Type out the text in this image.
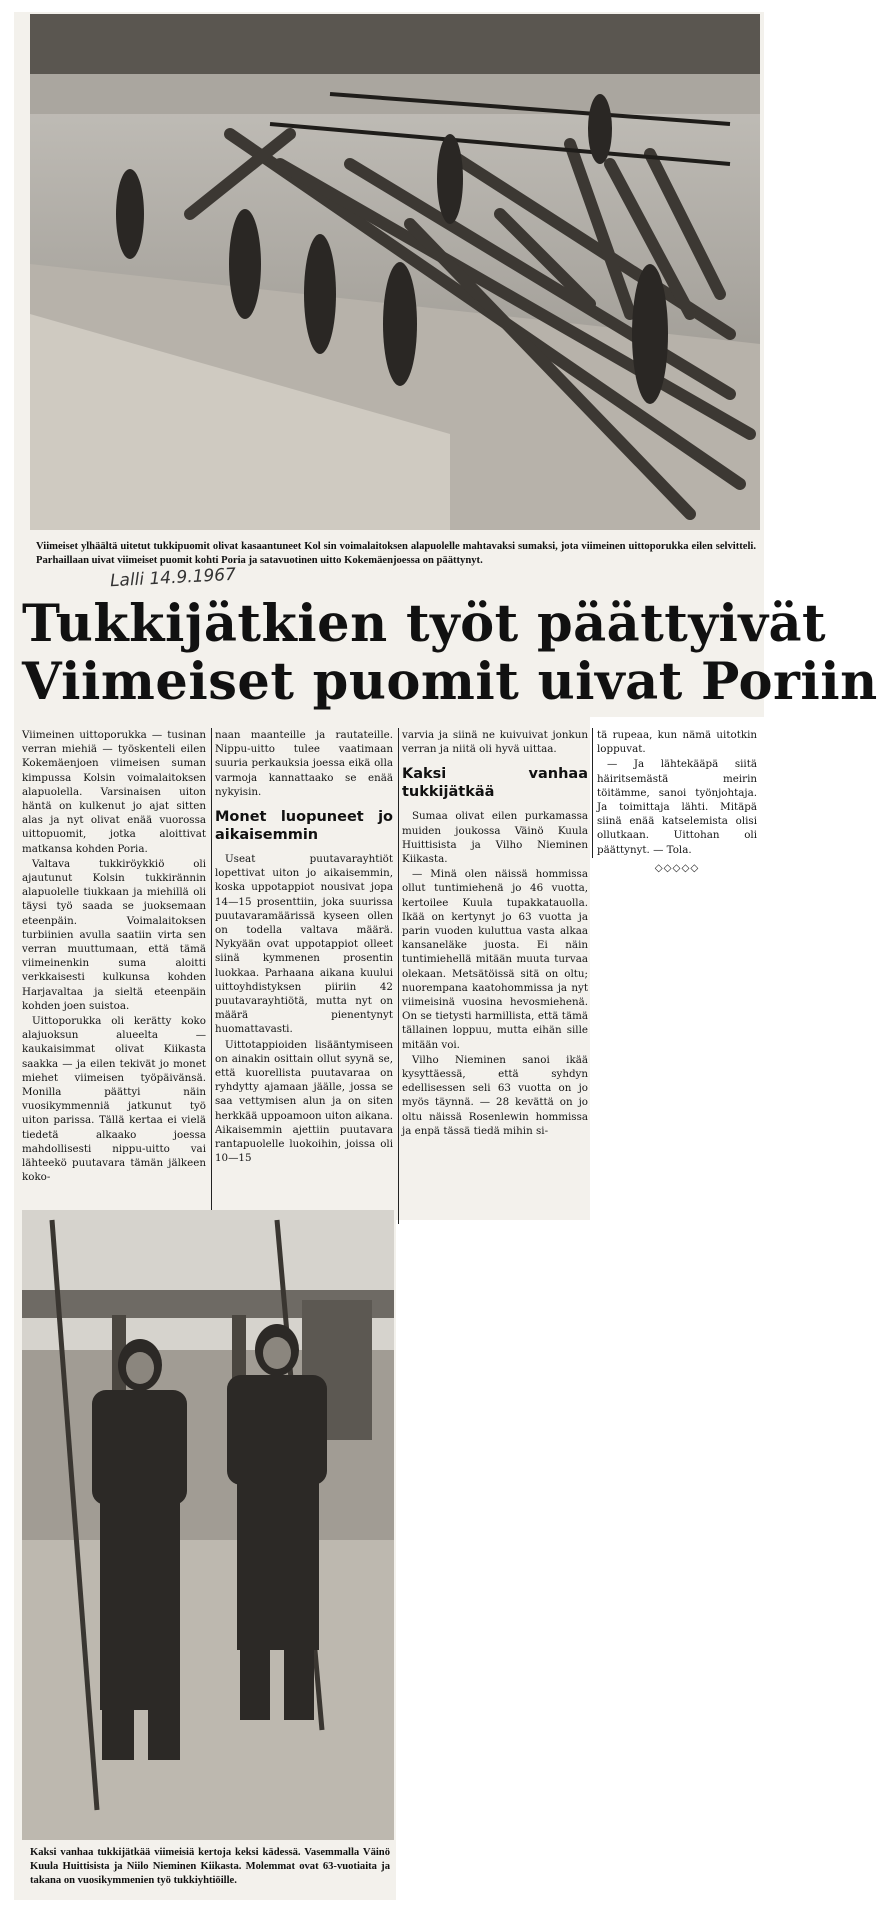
Viimeiset ylhäältä uitetut tukkipuomit olivat kasaantuneet Kol sin voimalaitoksen alapuolelle mahtavaksi sumaksi, jota viimeinen uittoporukka eilen selvitteli. Parhaillaan uivat viimeiset puomit kohti Poria ja satavuotinen uitto Kokemäenjoessa on päättynyt.
Lalli 14.9.1967
Tukkijätkien työt päättyivät
Viimeiset puomit uivat Poriin

Viimeinen uittoporukka — tusinan verran miehiä — työskenteli eilen Kokemäenjoen viimeisen suman kimpussa Kolsin voimalaitoksen alapuolella. Varsinaisen uiton häntä on kulkenut jo ajat sitten alas ja nyt olivat enää vuorossa uittopuomit, jotka aloittivat matkansa kohden Poria.

Valtava tukkiröykkiö oli ajautunut Kolsin tukkirännin alapuolelle tiukkaan ja miehillä oli täysi työ saada se juoksemaan eteenpäin. Voimalaitoksen turbiinien avulla saatiin virta sen verran muuttumaan, että tämä viimeinenkin suma aloitti verkkaisesti kulkunsa kohden Harjavaltaa ja sieltä eteenpäin kohden joen suistoa.

Uittoporukka oli kerätty koko alajuoksun alueelta — kaukaisimmat olivat Kiikasta saakka — ja eilen tekivät jo monet miehet viimeisen työpäivänsä. Monilla päättyi näin vuosikymmenniä jatkunut työ uiton parissa. Tällä kertaa ei vielä tiedetä alkaako joessa mahdollisesti nippu-uitto vai lähteekö puutavara tämän jälkeen koko-

naan maanteille ja rautateille. Nippu-uitto tulee vaatimaan suuria perkauksia joessa eikä olla varmoja kannattaako se enää nykyisin.

Monet luopuneet jo aikaisemmin

Useat puutavarayhtiöt lopettivat uiton jo aikaisemmin, koska uppotappiot nousivat jopa 14—15 prosenttiin, joka suurissa puutavaramäärissä kyseen ollen on todella valtava määrä. Nykyään ovat uppotappiot olleet siinä kymmenen prosentin luokkaa. Parhaana aikana kuului uittoyhdistyksen piiriin 42 puutavarayhtiötä, mutta nyt on määrä pienentynyt huomattavasti.

Uittotappioiden lisääntymiseen on ainakin osittain ollut syynä se, että kuorellista puutavaraa on ryhdytty ajamaan jäälle, jossa se saa vettymisen alun ja on siten herkkää uppoamoon uiton aikana. Aikaisemmin ajettiin puutavara rantapuolelle luokoihin, joissa oli 10—15

varvia ja siinä ne kuivuivat jonkun verran ja niitä oli hyvä uittaa.

Kaksi vanhaa tukkijätkää

Sumaa olivat eilen purkamassa muiden joukossa Väinö Kuula Huittisista ja Vilho Nieminen Kiikasta.

— Minä olen näissä hommissa ollut tuntimiehenä jo 46 vuotta, kertoilee Kuula tupakkatauolla. Ikää on kertynyt jo 63 vuotta ja parin vuoden kuluttua vasta alkaa kansaneläke juosta. Ei näin tuntimiehellä mitään muuta turvaa olekaan. Metsätöissä sitä on oltu; nuorempana kaatohommissa ja nyt viimeisinä vuosina hevosmiehenä. On se tietysti harmillista, että tämä tällainen loppuu, mutta eihän sille mitään voi.

Vilho Nieminen sanoi ikää kysyttäessä, että syhdyn edellisessen seli 63 vuotta on jo myös täynnä. — 28 kevättä on jo oltu näissä Rosenlewin hommissa ja enpä tässä tiedä mihin si-

tä rupeaa, kun nämä uitotkin loppuvat.

— Ja lähtekääpä siitä häiritsemästä meirin töitämme, sanoi työnjohtaja. Ja toimittaja lähti. Mitäpä siinä enää katselemista olisi ollutkaan. Uittohan oli päättynyt. — Tola.

◇◇◇◇◇
Kaksi vanhaa tukkijätkää viimeisiä kertoja keksi kädessä. Vasemmalla Väinö Kuula Huittisista ja Niilo Nieminen Kiikasta. Molemmat ovat 63-vuotiaita ja takana on vuosikymmenien työ tukkiyhtiöille.
